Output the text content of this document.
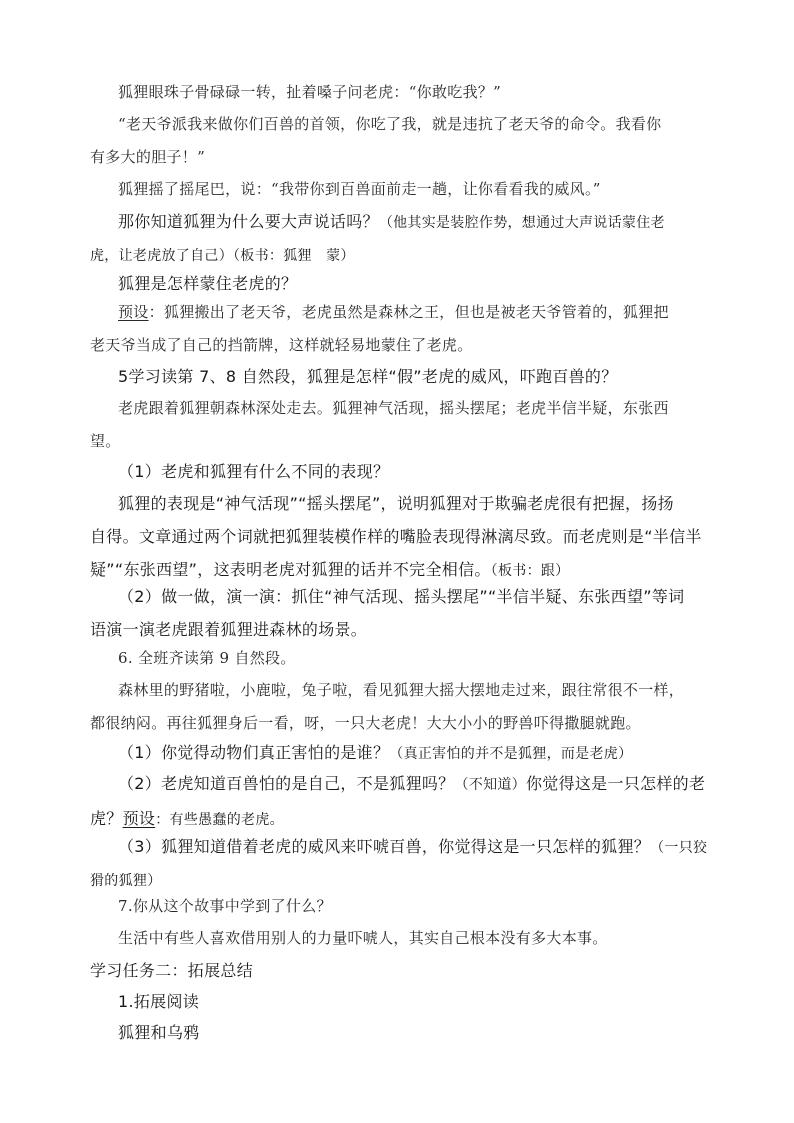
狐狸眼珠子骨碌碌一转，扯着嗓子问老虎：“你敢吃我？”
“老天爷派我来做你们百兽的首领，你吃了我，就是违抗了老天爷的命令。我看你
有多大的胆子！”
狐狸摇了摇尾巴，说：“我带你到百兽面前走一趟，让你看看我的威风。”
那你知道狐狸为什么要大声说话吗？（他其实是装腔作势，想通过大声说话蒙住老
虎，让老虎放了自己）（板书：狐狸　蒙）
狐狸是怎样蒙住老虎的？
预设：狐狸搬出了老天爷，老虎虽然是森林之王，但也是被老天爷管着的，狐狸把
老天爷当成了自己的挡箭牌，这样就轻易地蒙住了老虎。
5学习读第 7、8 自然段，狐狸是怎样“假”老虎的威风，吓跑百兽的？
老虎跟着狐狸朝森林深处走去。狐狸神气活现，摇头摆尾；老虎半信半疑，东张西
望。
（1）老虎和狐狸有什么不同的表现？
狐狸的表现是“神气活现”“摇头摆尾”，说明狐狸对于欺骗老虎很有把握，扬扬
自得。文章通过两个词就把狐狸装模作样的嘴脸表现得淋漓尽致。而老虎则是“半信半
疑”“东张西望”，这表明老虎对狐狸的话并不完全相信。（板书：跟）
（2）做一做，演一演：抓住“神气活现、摇头摆尾”“半信半疑、东张西望”等词
语演一演老虎跟着狐狸进森林的场景。
6. 全班齐读第 9 自然段。
森林里的野猪啦，小鹿啦，兔子啦，看见狐狸大摇大摆地走过来，跟往常很不一样，
都很纳闷。再往狐狸身后一看，呀，一只大老虎！大大小小的野兽吓得撒腿就跑。
（1）你觉得动物们真正害怕的是谁？（真正害怕的并不是狐狸，而是老虎）
（2）老虎知道百兽怕的是自己，不是狐狸吗？（不知道）你觉得这是一只怎样的老
虎？预设：有些愚蠢的老虎。
（3）狐狸知道借着老虎的威风来吓唬百兽，你觉得这是一只怎样的狐狸？（一只狡
猾的狐狸）
7.你从这个故事中学到了什么？
生活中有些人喜欢借用别人的力量吓唬人，其实自己根本没有多大本事。
学习任务二：拓展总结
1.拓展阅读
狐狸和乌鸦
